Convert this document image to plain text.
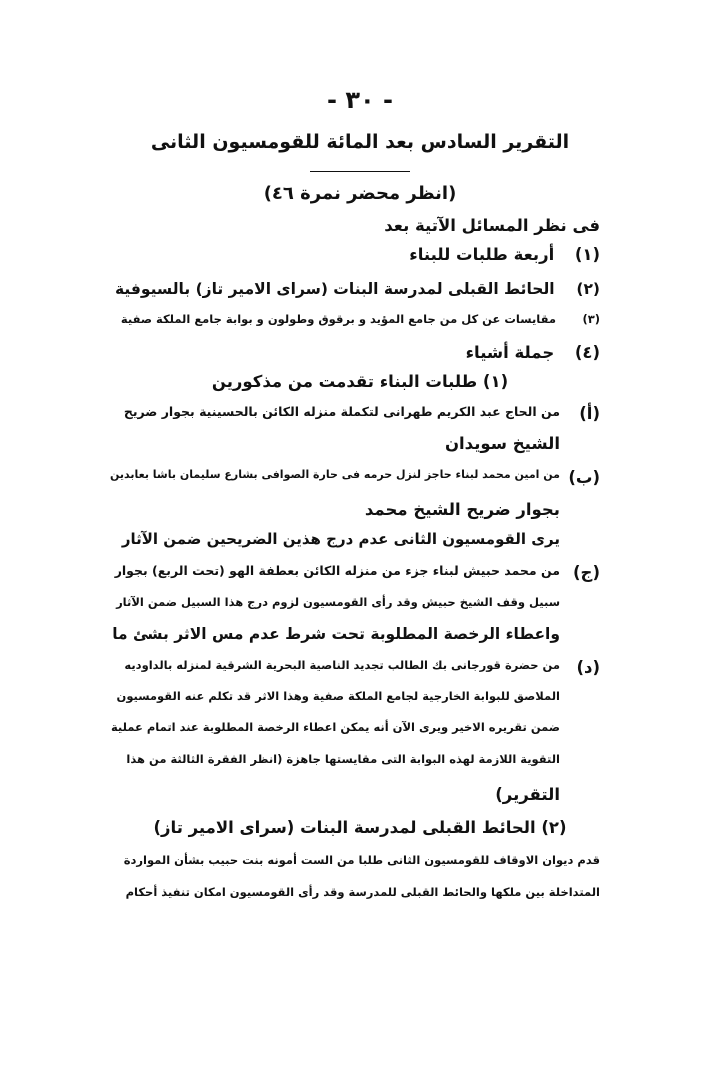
- ٣٠ -
التقرير السادس بعد المائة للقومسيون الثانى
(انظر محضر نمرة ٤٦)
فى نظر المسائل الآتية بعد
(١) أربعة طلبات للبناء
(٢) الحائط القبلى لمدرسة البنات (سراى الامير تاز) بالسيوفية
(٣) مقايسات عن كل من جامع المؤيد و برقوق وطولون و بوابة جامع الملكة صفية
(٤) جملة أشياء
(١) طلبات البناء تقدمت من مذكورين
(أ)
من الحاج عبد الكريم طهرانى لتكملة منزله الكائن بالحسينية بجوار ضريح
الشيخ سويدان
(ب)
من امين محمد لبناء حاجز لنزل حرمه فى حارة الصوافى بشارع سليمان باشا بعابدين
بجوار ضريح الشيخ محمد
يرى القومسيون الثانى عدم درج هذين الضريحين ضمن الآثار
(ج)
من محمد حبيش لبناء جزء من منزله الكائن بعطفة الهو (تحت الربع) بجوار
سبيل وقف الشيخ حبيش وقد رأى القومسيون لزوم درج هذا السبيل ضمن الآثار
واعطاء الرخصة المطلوبة تحت شرط عدم مس الاثر بشئ ما
(د)
من حضرة قورجانى بك الطالب تجديد الناصية البحرية الشرقية لمنزله بالداوديه
الملاصق للبوابة الخارجية لجامع الملكة صفية وهذا الاثر قد تكلم عنه القومسيون
ضمن تقريره الاخير ويرى الآن أنه يمكن اعطاء الرخصة المطلوبة عند اتمام عملية
التقوية اللازمة لهذه البوابة التى مقايستها جاهزة (انظر الفقرة الثالثة من هذا
التقرير)
(٢) الحائط القبلى لمدرسة البنات (سراى الامير تاز)
قدم ديوان الاوقاف للقومسيون الثانى طلبا من الست أمونه بنت حبيب بشأن المواردة
المتداخلة بين ملكها والحائط القبلى للمدرسة وقد رأى القومسيون امكان تنفيذ أحكام
